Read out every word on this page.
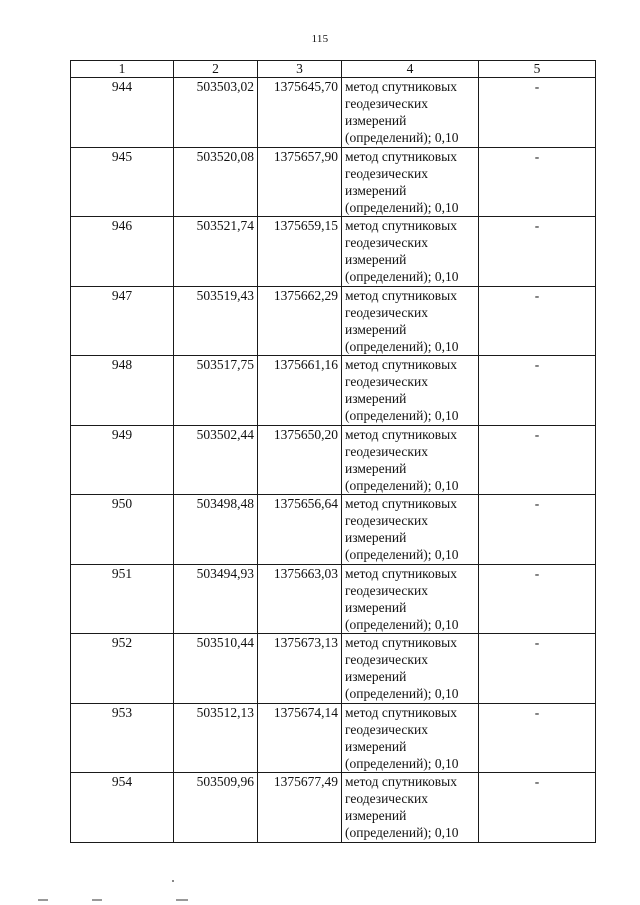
115
1	2	3	4	5
944	503503,02	1375645,70	метод спутниковых геодезических измерений (определений); 0,10	-
945	503520,08	1375657,90	метод спутниковых геодезических измерений (определений); 0,10	-
946	503521,74	1375659,15	метод спутниковых геодезических измерений (определений); 0,10	-
947	503519,43	1375662,29	метод спутниковых геодезических измерений (определений); 0,10	-
948	503517,75	1375661,16	метод спутниковых геодезических измерений (определений); 0,10	-
949	503502,44	1375650,20	метод спутниковых геодезических измерений (определений); 0,10	-
950	503498,48	1375656,64	метод спутниковых геодезических измерений (определений); 0,10	-
951	503494,93	1375663,03	метод спутниковых геодезических измерений (определений); 0,10	-
952	503510,44	1375673,13	метод спутниковых геодезических измерений (определений); 0,10	-
953	503512,13	1375674,14	метод спутниковых геодезических измерений (определений); 0,10	-
954	503509,96	1375677,49	метод спутниковых геодезических измерений (определений); 0,10	-
